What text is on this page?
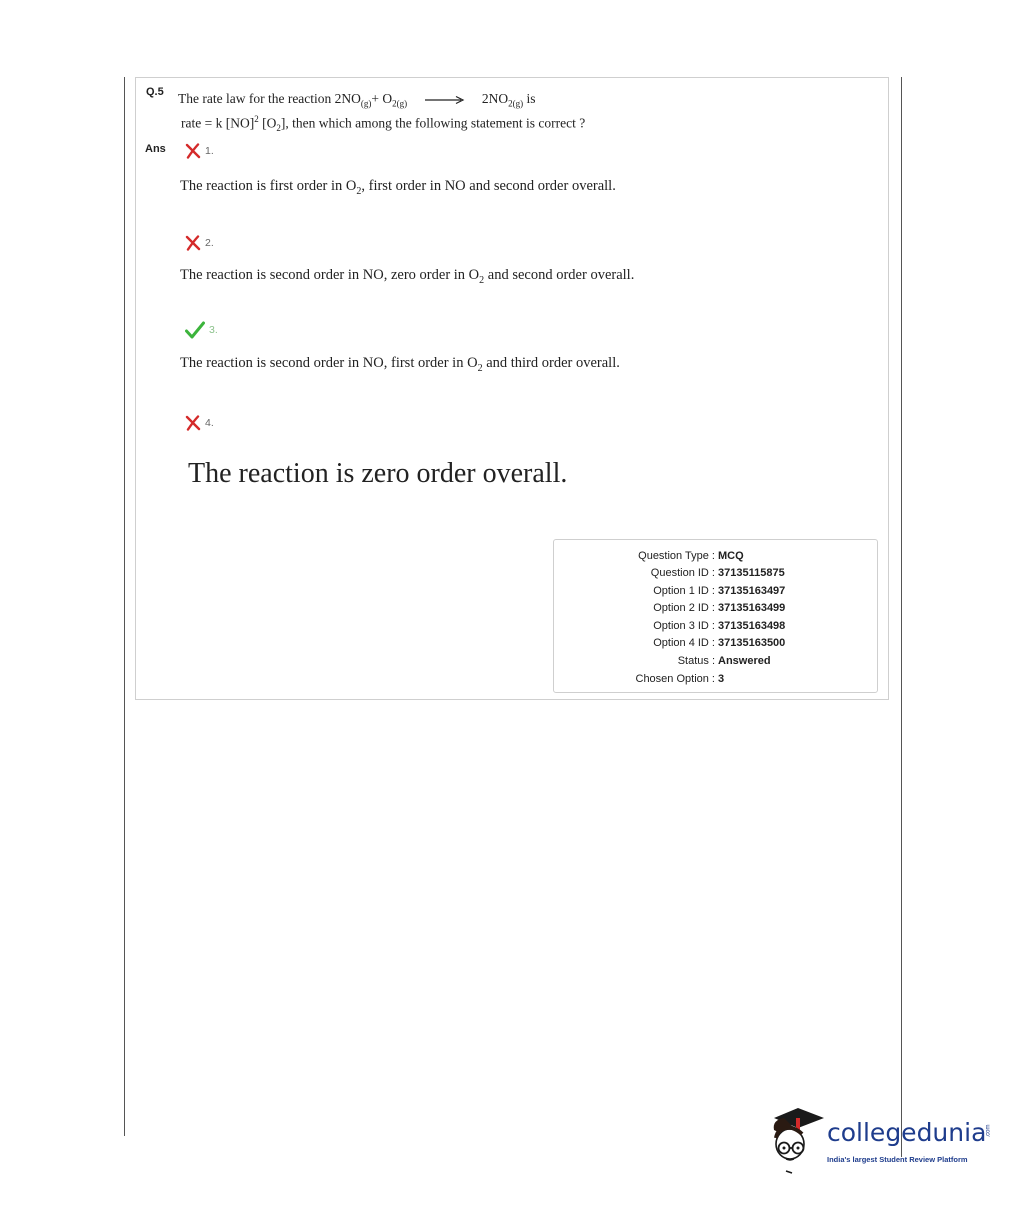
Q.5 The rate law for the reaction $2NO_{(g)}+ O_{2(g)} \to 2NO_{2(g)}$ is
rate = k [NO]$^2$ $[O_2]$, then which among the following statement is correct ?
Ans	1.
The reaction is first order in $O_2$, first order in NO and second order overall.
2.
The reaction is second order in NO, zero order in $O_2$ and second order overall.
3.
The reaction is second order in NO, first order in $O_2$ and third order overall.
4.
The reaction is zero order overall.
Question Type : MCQ
Question ID : 37135115875
Option 1 ID : 37135163497
Option 2 ID : 37135163499
Option 3 ID : 37135163498
Option 4 ID : 37135163500
Status : Answered
Chosen Option : 3
collegedunia .com
India's largest Student Review Platform
